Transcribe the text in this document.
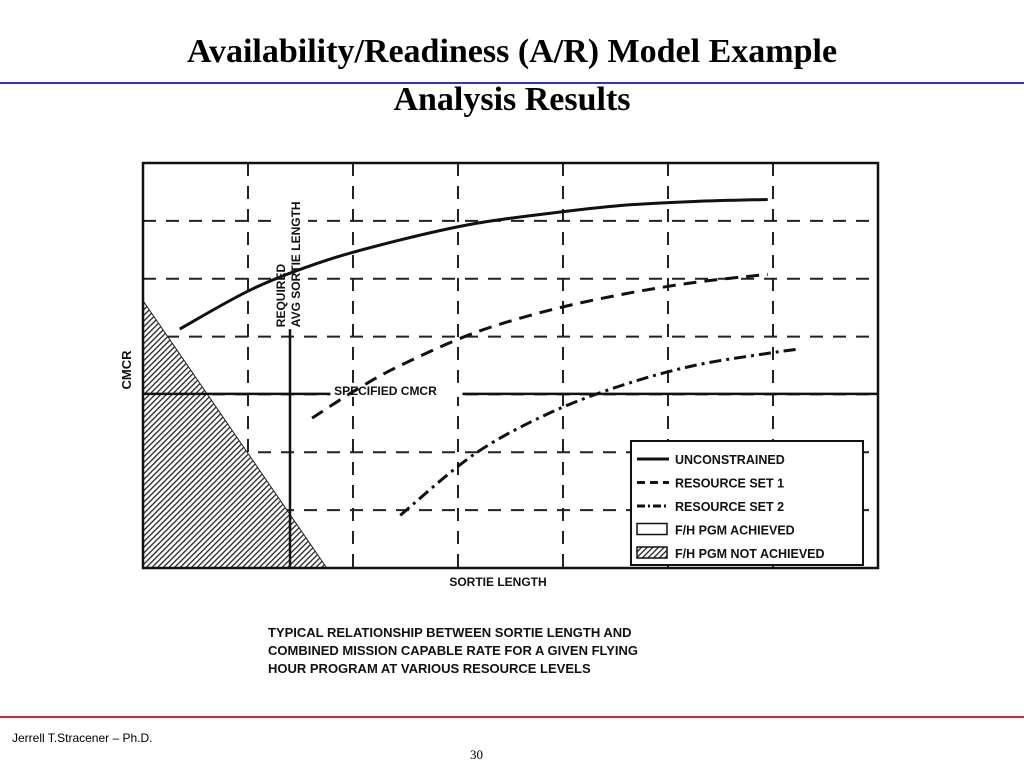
Availability/Readiness (A/R) Model Example
Analysis Results
SPECIFIED CMCR
REQUIRED AVG SORTIE LENGTH
UNCONSTRAINED
RESOURCE SET 1
RESOURCE SET 2
F/H PGM ACHIEVED
F/H PGM NOT ACHIEVED
CMCR
SORTIE LENGTH
TYPICAL RELATIONSHIP BETWEEN SORTIE LENGTH AND
COMBINED MISSION CAPABLE RATE FOR A GIVEN FLYING
HOUR PROGRAM AT VARIOUS RESOURCE LEVELS
Jerrell T.Stracener – Ph.D.
30
